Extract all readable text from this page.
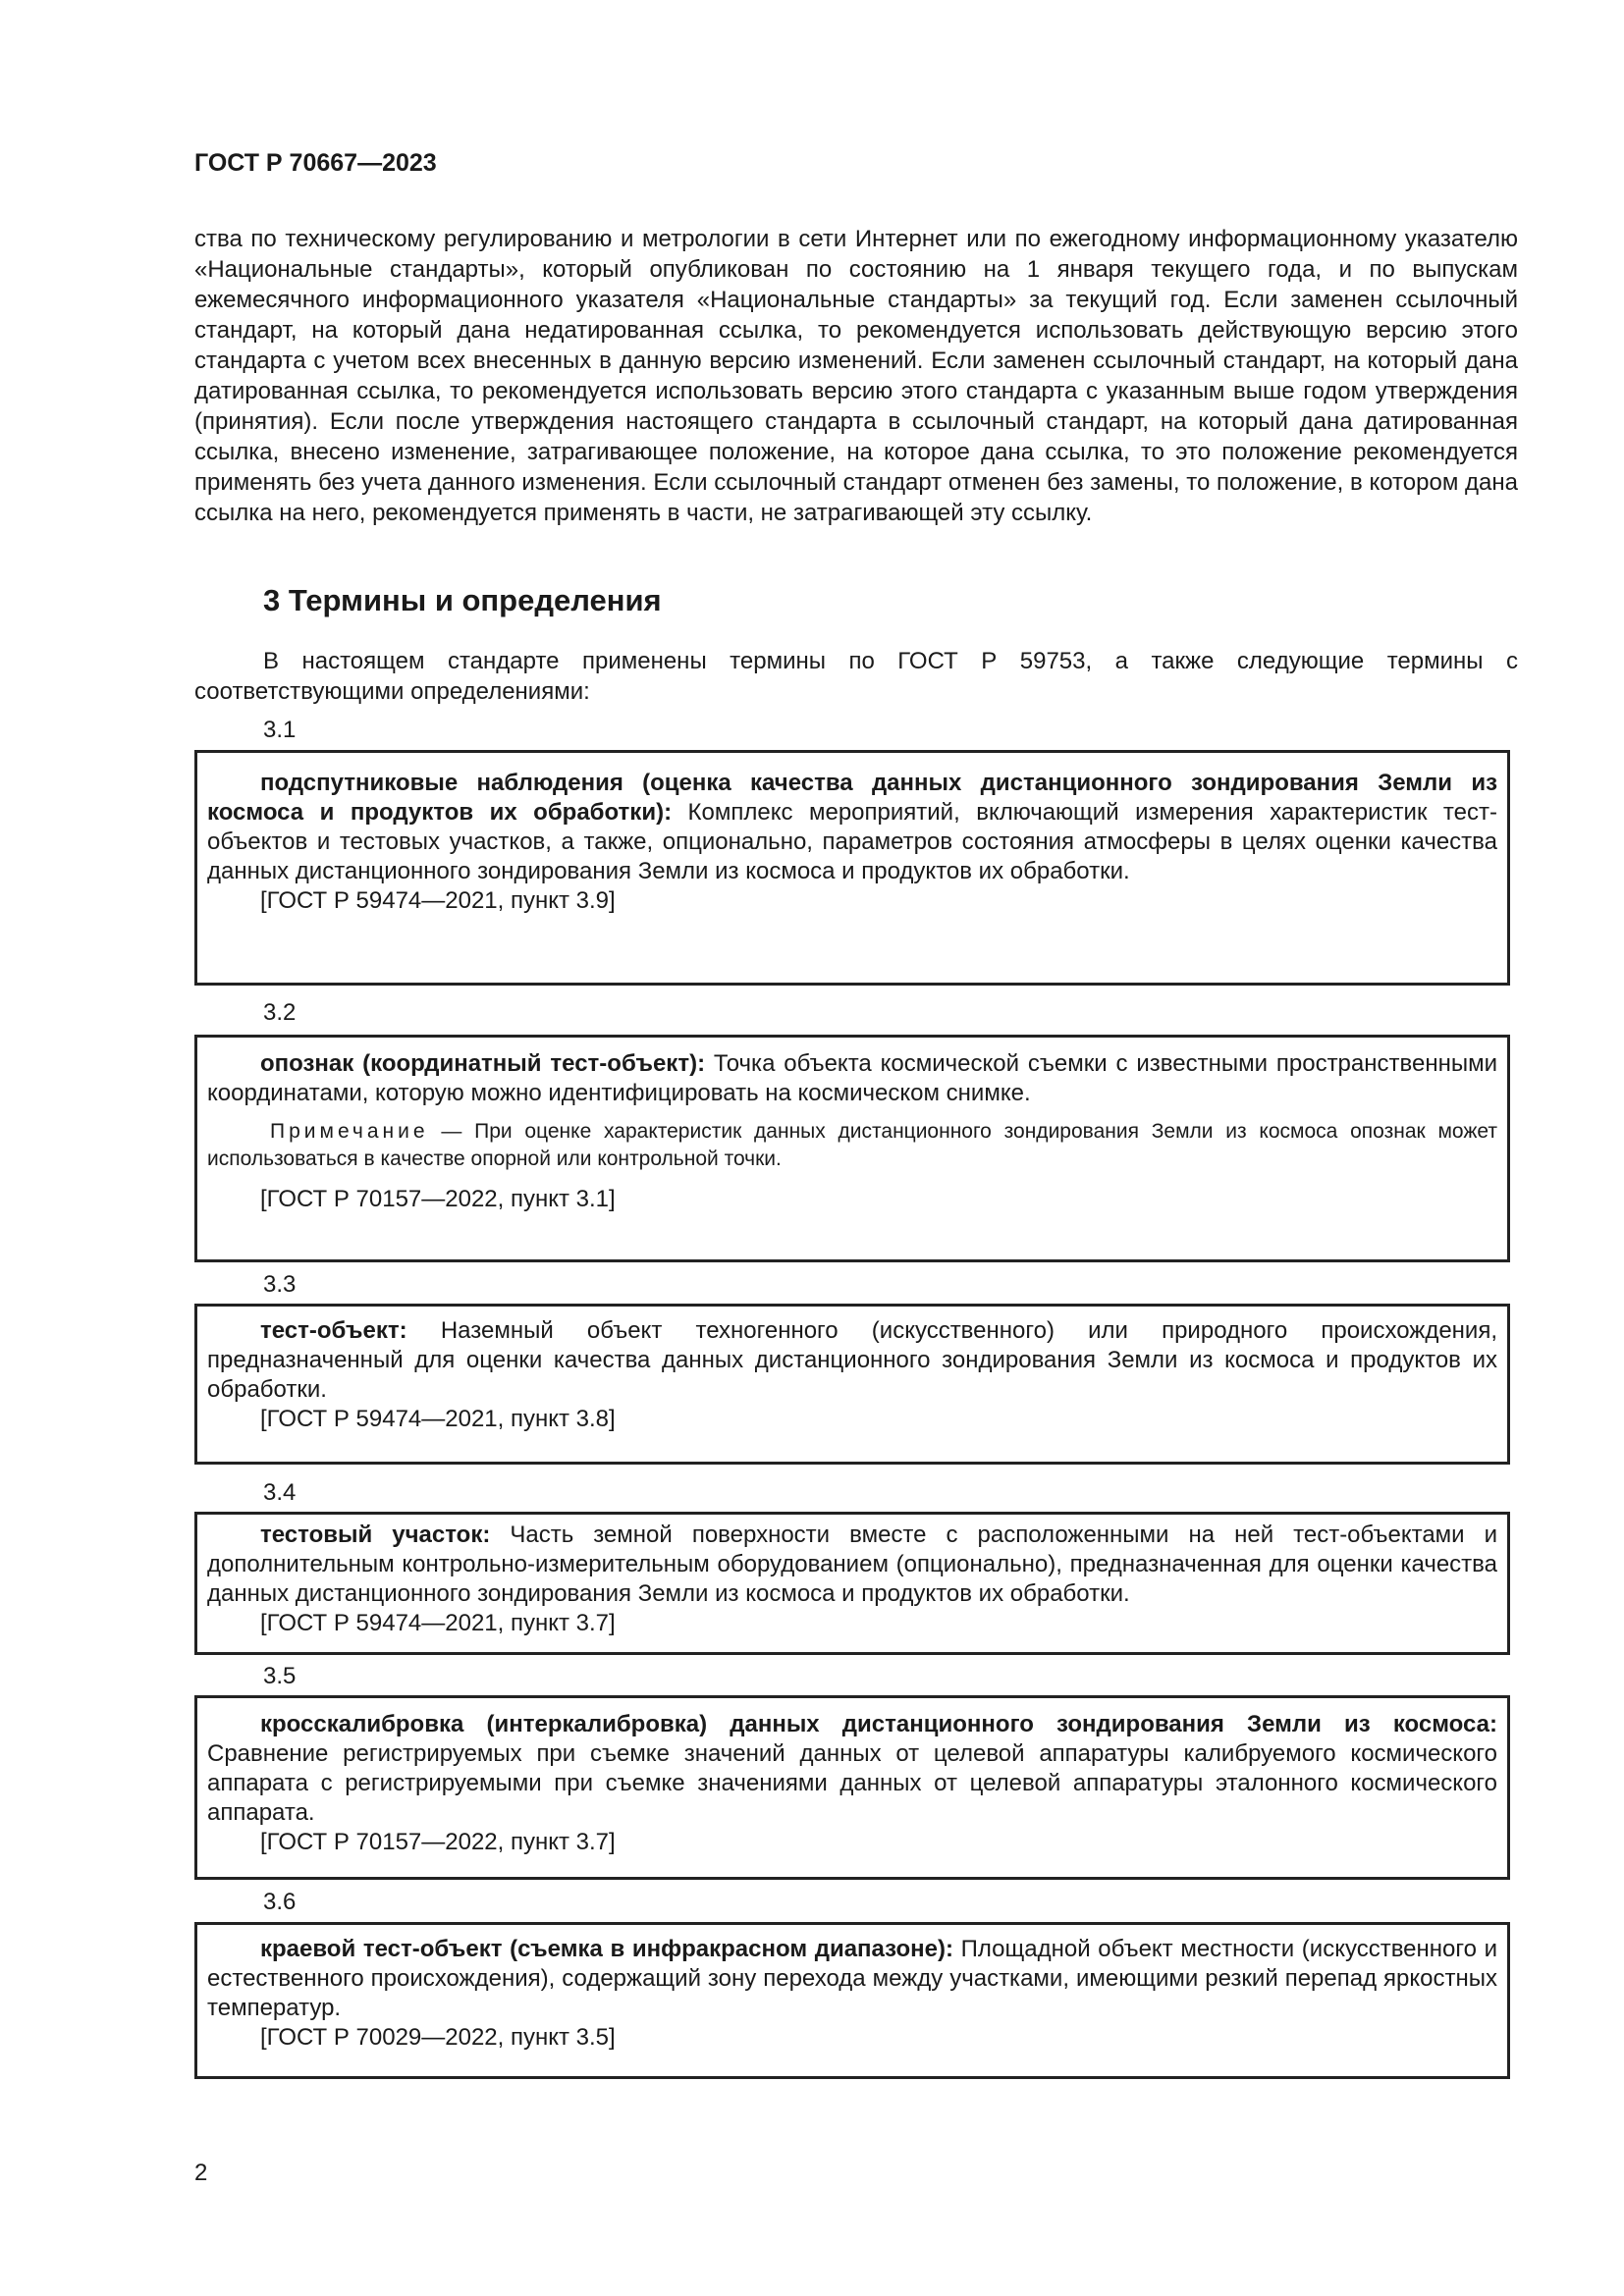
ГОСТ Р 70667—2023

ства по техническому регулированию и метрологии в сети Интернет или по ежегодному информационному указателю «Национальные стандарты», который опубликован по состоянию на 1 января текущего года, и по выпускам ежемесячного информационного указателя «Национальные стандарты» за текущий год. Если заменен ссылочный стандарт, на который дана недатированная ссылка, то рекомендуется использовать действующую версию этого стандарта с учетом всех внесенных в данную версию изменений. Если заменен ссылочный стандарт, на который дана датированная ссылка, то рекомендуется использовать версию этого стандарта с указанным выше годом утверждения (принятия). Если после утверждения настоящего стандарта в ссылочный стандарт, на который дана датированная ссылка, внесено изменение, затрагивающее положение, на которое дана ссылка, то это положение рекомендуется применять без учета данного изменения. Если ссылочный стандарт отменен без замены, то положение, в котором дана ссылка на него, рекомендуется применять в части, не затрагивающей эту ссылку.

3 Термины и определения

В настоящем стандарте применены термины по ГОСТ Р 59753, а также следующие термины с соответствующими определениями:

3.1

подспутниковые наблюдения (оценка качества данных дистанционного зондирования Земли из космоса и продуктов их обработки): Комплекс мероприятий, включающий измерения характеристик тест-объектов и тестовых участков, а также, опционально, параметров состояния атмосферы в целях оценки качества данных дистанционного зондирования Земли из космоса и продуктов их обработки.

[ГОСТ Р 59474—2021, пункт 3.9]

3.2

опознак (координатный тест-объект): Точка объекта космической съемки с известными пространственными координатами, которую можно идентифицировать на космическом снимке.

Примечание — При оценке характеристик данных дистанционного зондирования Земли из космоса опознак может использоваться в качестве опорной или контрольной точки.

[ГОСТ Р 70157—2022, пункт 3.1]

3.3

тест-объект: Наземный объект техногенного (искусственного) или природного происхождения, предназначенный для оценки качества данных дистанционного зондирования Земли из космоса и продуктов их обработки.

[ГОСТ Р 59474—2021, пункт 3.8]

3.4

тестовый участок: Часть земной поверхности вместе с расположенными на ней тест-объектами и дополнительным контрольно-измерительным оборудованием (опционально), предназначенная для оценки качества данных дистанционного зондирования Земли из космоса и продуктов их обработки.

[ГОСТ Р 59474—2021, пункт 3.7]

3.5

кросскалибровка (интеркалибровка) данных дистанционного зондирования Земли из космоса: Сравнение регистрируемых при съемке значений данных от целевой аппаратуры калибруемого космического аппарата с регистрируемыми при съемке значениями данных от целевой аппаратуры эталонного космического аппарата.

[ГОСТ Р 70157—2022, пункт 3.7]

3.6

краевой тест-объект (съемка в инфракрасном диапазоне): Площадной объект местности (искусственного и естественного происхождения), содержащий зону перехода между участками, имеющими резкий перепад яркостных температур.

[ГОСТ Р 70029—2022, пункт 3.5]

2
